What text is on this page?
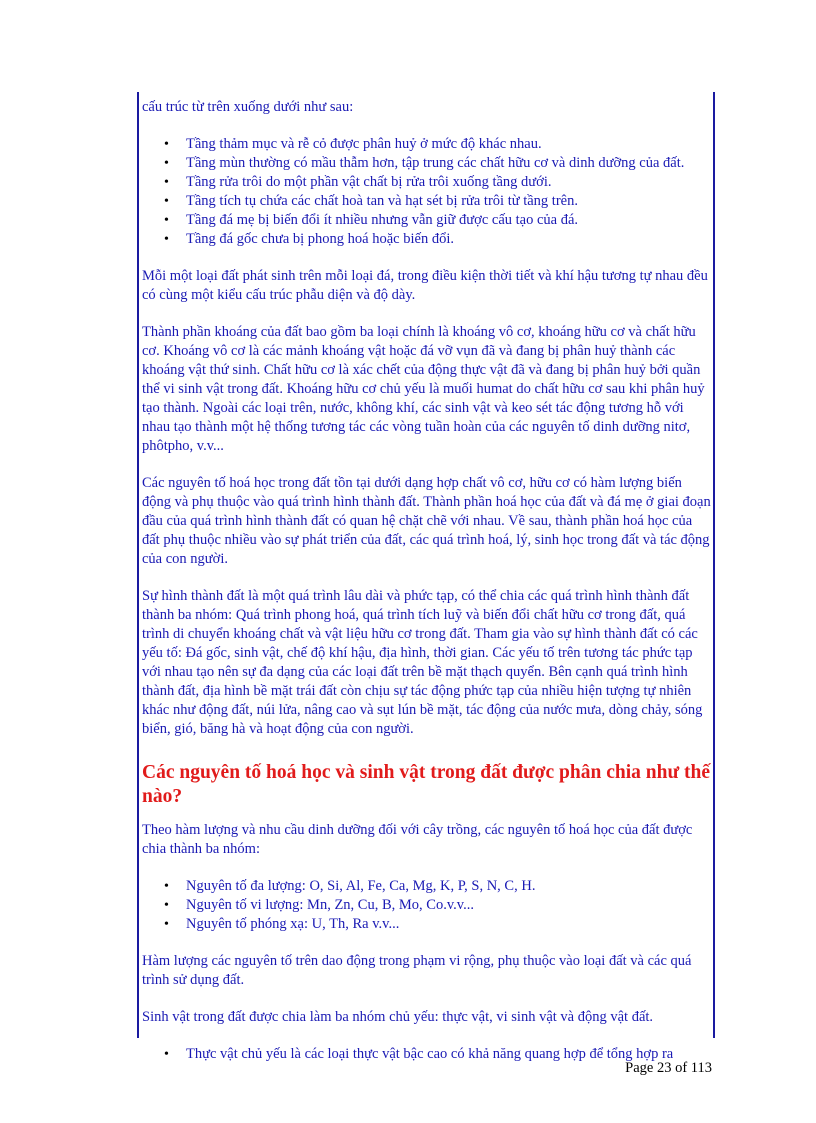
cấu trúc từ trên xuống dưới như sau:

• Tầng thảm mục và rễ cỏ được phân huỷ ở mức độ khác nhau.
• Tầng mùn thường có mầu thẫm hơn, tập trung các chất hữu cơ và dinh dưỡng của đất.
• Tầng rửa trôi do một phần vật chất bị rửa trôi xuống tầng dưới.
• Tầng tích tụ chứa các chất hoà tan và hạt sét bị rửa trôi từ tầng trên.
• Tầng đá mẹ bị biến đổi ít nhiều nhưng vẫn giữ được cấu tạo của đá.
• Tầng đá gốc chưa bị phong hoá hoặc biến đổi.

Mỗi một loại đất phát sinh trên mỗi loại đá, trong điều kiện thời tiết và khí hậu tương tự nhau đều có cùng một kiểu cấu trúc phẫu diện và độ dày.

Thành phần khoáng của đất bao gồm ba loại chính là khoáng vô cơ, khoáng hữu cơ và chất hữu cơ. Khoáng vô cơ là các mảnh khoáng vật hoặc đá vỡ vụn đã và đang bị phân huỷ thành các khoáng vật thứ sinh. Chất hữu cơ là xác chết của động thực vật đã và đang bị phân huỷ bởi quần thể vi sinh vật trong đất. Khoáng hữu cơ chủ yếu là muối humat do chất hữu cơ sau khi phân huỷ tạo thành. Ngoài các loại trên, nước, không khí, các sinh vật và keo sét tác động tương hỗ với nhau tạo thành một hệ thống tương tác các vòng tuần hoàn của các nguyên tố dinh dưỡng nitơ, phôtpho, v.v...

Các nguyên tố hoá học trong đất tồn tại dưới dạng hợp chất vô cơ, hữu cơ có hàm lượng biến động và phụ thuộc vào quá trình hình thành đất. Thành phần hoá học của đất và đá mẹ ở giai đoạn đầu của quá trình hình thành đất có quan hệ chặt chẽ với nhau. Về sau, thành phần hoá học của đất phụ thuộc nhiều vào sự phát triển của đất, các quá trình hoá, lý, sinh học trong đất và tác động của con người.

Sự hình thành đất là một quá trình lâu dài và phức tạp, có thể chia các quá trình hình thành đất thành ba nhóm: Quá trình phong hoá, quá trình tích luỹ và biến đổi chất hữu cơ trong đất, quá trình di chuyển khoáng chất và vật liệu hữu cơ trong đất. Tham gia vào sự hình thành đất có các yếu tố: Đá gốc, sinh vật, chế độ khí hậu, địa hình, thời gian. Các yếu tố trên tương tác phức tạp với nhau tạo nên sự đa dạng của các loại đất trên bề mặt thạch quyển. Bên cạnh quá trình hình thành đất, địa hình bề mặt trái đất còn chịu sự tác động phức tạp của nhiều hiện tượng tự nhiên khác như động đất, núi lửa, nâng cao và sụt lún bề mặt, tác động của nước mưa, dòng chảy, sóng biển, gió, băng hà và hoạt động của con người.

Các nguyên tố hoá học và sinh vật trong đất được phân chia như thế nào?

Theo hàm lượng và nhu cầu dinh dưỡng đối với cây trồng, các nguyên tố hoá học của đất được chia thành ba nhóm:

• Nguyên tố đa lượng: O, Si, Al, Fe, Ca, Mg, K, P, S, N, C, H.
• Nguyên tố vi lượng: Mn, Zn, Cu, B, Mo, Co.v.v...
• Nguyên tố phóng xạ: U, Th, Ra v.v...

Hàm lượng các nguyên tố trên dao động trong phạm vi rộng, phụ thuộc vào loại đất và các quá trình sử dụng đất.

Sinh vật trong đất được chia làm ba nhóm chủ yếu: thực vật, vi sinh vật và động vật đất.

• Thực vật chủ yếu là các loại thực vật bậc cao có khả năng quang hợp để tổng hợp ra
Page 23 of 113
